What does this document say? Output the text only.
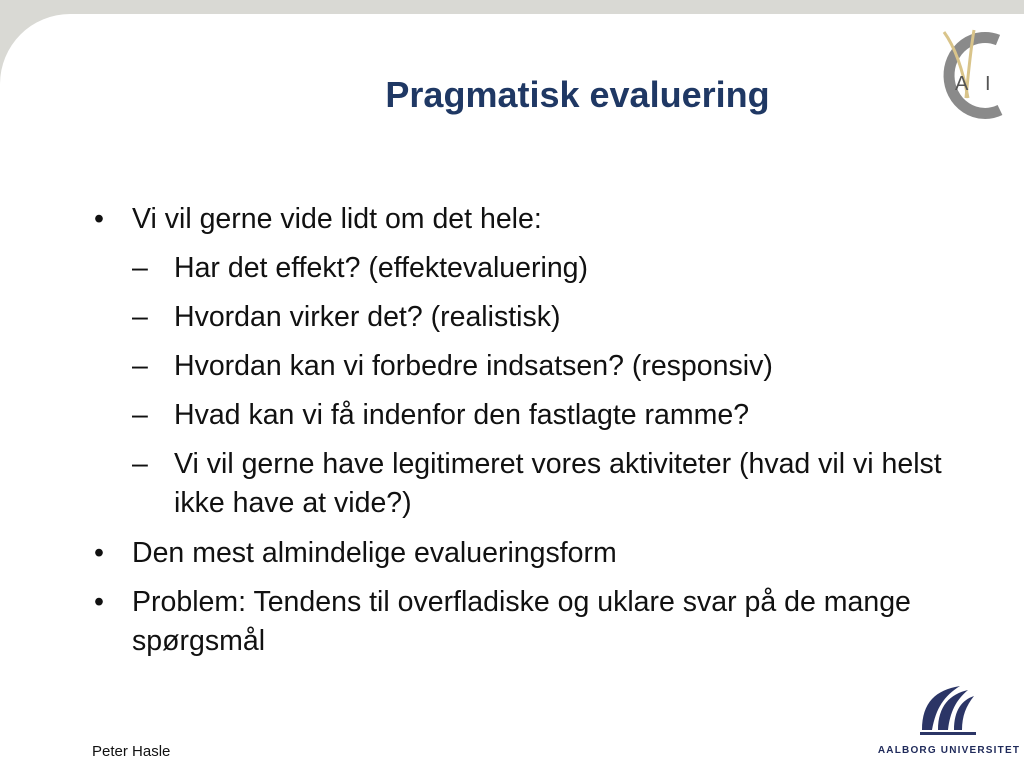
Pragmatisk evaluering
• Vi vil gerne vide lidt om det hele:
– Har det effekt? (effektevaluering)
– Hvordan virker det? (realistisk)
– Hvordan kan vi forbedre indsatsen? (responsiv)
– Hvad kan vi få indenfor den fastlagte ramme?
– Vi vil gerne have legitimeret vores aktiviteter (hvad vil vi helst ikke have at vide?)
• Den mest almindelige evalueringsform
• Problem: Tendens til overfladiske og uklare svar på de mange spørgsmål
Peter Hasle
A I
AALBORG UNIVERSITET
